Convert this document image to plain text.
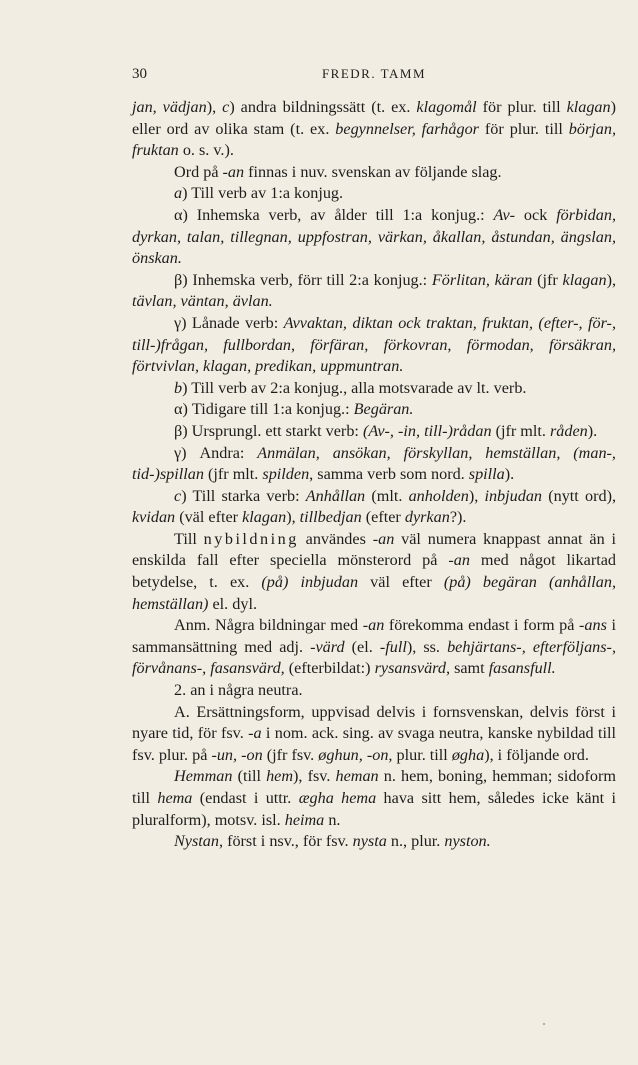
30	FREDR. TAMM

jan, vädjan), c) andra bildningssätt (t. ex. klagomål för plur. till klagan) eller ord av olika stam (t. ex. begynnelser, farhågor för plur. till början, fruktan o. s. v.).

Ord på -an finnas i nuv. svenskan av följande slag.

a) Till verb av 1:a konjug.

α) Inhemska verb, av ålder till 1:a konjug.: Av- ock förbidan, dyrkan, talan, tillegnan, uppfostran, värkan, åkallan, åstundan, ängslan, önskan.

β) Inhemska verb, förr till 2:a konjug.: Förlitan, käran (jfr klagan), tävlan, väntan, ävlan.

γ) Lånade verb: Avvaktan, diktan ock traktan, fruktan, (efter-, för-, till-)frågan, fullbordan, förfäran, förkovran, förmodan, försäkran, förtvivlan, klagan, predikan, uppmuntran.

b) Till verb av 2:a konjug., alla motsvarade av lt. verb.

α) Tidigare till 1:a konjug.: Begäran.

β) Ursprungl. ett starkt verb: (Av-, -in, till-)rådan (jfr mlt. råden).

γ) Andra: Anmälan, ansökan, förskyllan, hemställan, (man-, tid-)spillan (jfr mlt. spilden, samma verb som nord. spilla).

c) Till starka verb: Anhållan (mlt. anholden), inbjudan (nytt ord), kvidan (väl efter klagan), tillbedjan (efter dyrkan?).

Till nybildning användes -an väl numera knappast annat än i enskilda fall efter speciella mönsterord på -an med något likartad betydelse, t. ex. (på) inbjudan väl efter (på) begäran (anhållan, hemställan) el. dyl.

Anm. Några bildningar med -an förekomma endast i form på -ans i sammansättning med adj. -värd (el. -full), ss. behjärtans-, efterföljans-, förvånans-, fasansvärd, (efterbildat:) rysansvärd, samt fasansfull.

2. an i några neutra.

A. Ersättningsform, uppvisad delvis i fornsvenskan, delvis först i nyare tid, för fsv. -a i nom. ack. sing. av svaga neutra, kanske nybildad till fsv. plur. på -un, -on (jfr fsv. øghun, -on, plur. till øgha), i följande ord.

Hemman (till hem), fsv. heman n. hem, boning, hemman; sidoform till hema (endast i uttr. ægha hema hava sitt hem, således icke känt i pluralform), motsv. isl. heima n.

Nystan, först i nsv., för fsv. nysta n., plur. nyston.
